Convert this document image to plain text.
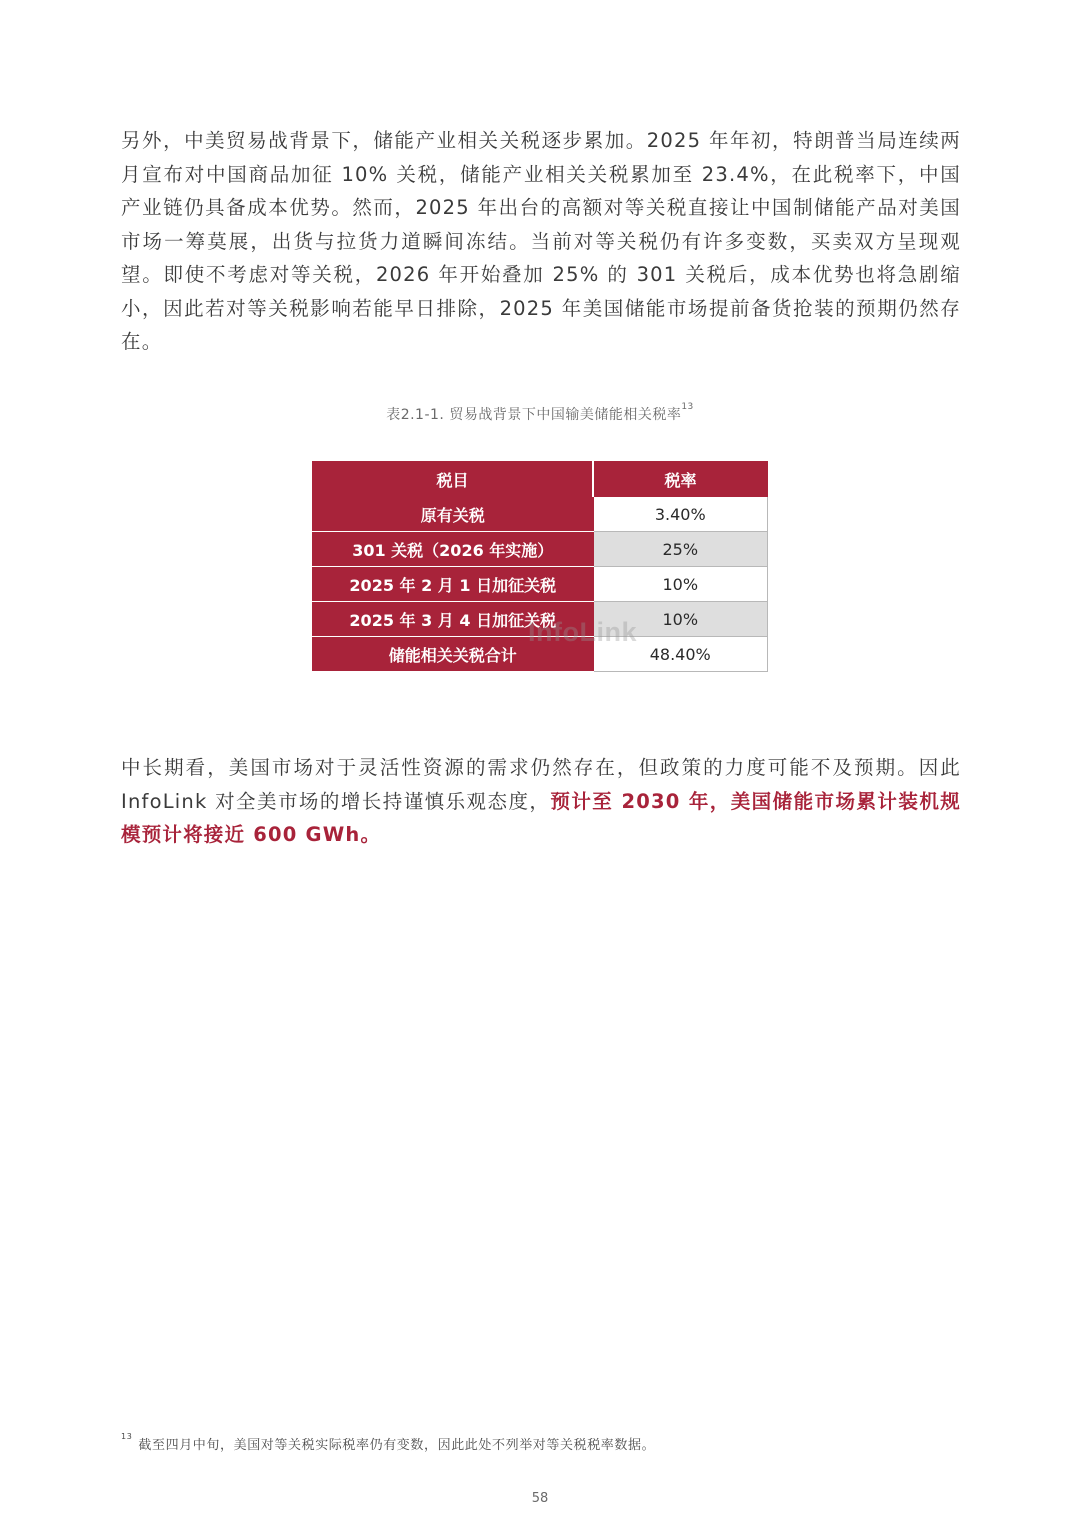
另外，中美贸易战背景下，储能产业相关关税逐步累加。2025 年年初，特朗普当局连续两月宣布对中国商品加征 10% 关税，储能产业相关关税累加至 23.4%，在此税率下，中国产业链仍具备成本优势。然而，2025 年出台的高额对等关税直接让中国制储能产品对美国市场一筹莫展，出货与拉货力道瞬间冻结。当前对等关税仍有许多变数，买卖双方呈现观望。即使不考虑对等关税，2026 年开始叠加 25% 的 301 关税后，成本优势也将急剧缩小，因此若对等关税影响若能早日排除，2025 年美国储能市场提前备货抢装的预期仍然存在。

表2.1-1. 贸易战背景下中国输美储能相关税率$^{13}$
税目	税率
原有关税	3.40%
301 关税（2026 年实施）	25%
2025 年 2 月 1 日加征关税	10%
2025 年 3 月 4 日加征关税	10%
储能相关关税合计	48.40%
InfoLink

中长期看，美国市场对于灵活性资源的需求仍然存在，但政策的力度可能不及预期。因此 InfoLink 对全美市场的增长持谨慎乐观态度，预计至 2030 年，美国储能市场累计装机规模预计将接近 600 GWh。

$^{13}$截至四月中旬，美国对等关税实际税率仍有变数，因此此处不列举对等关税税率数据。
58
